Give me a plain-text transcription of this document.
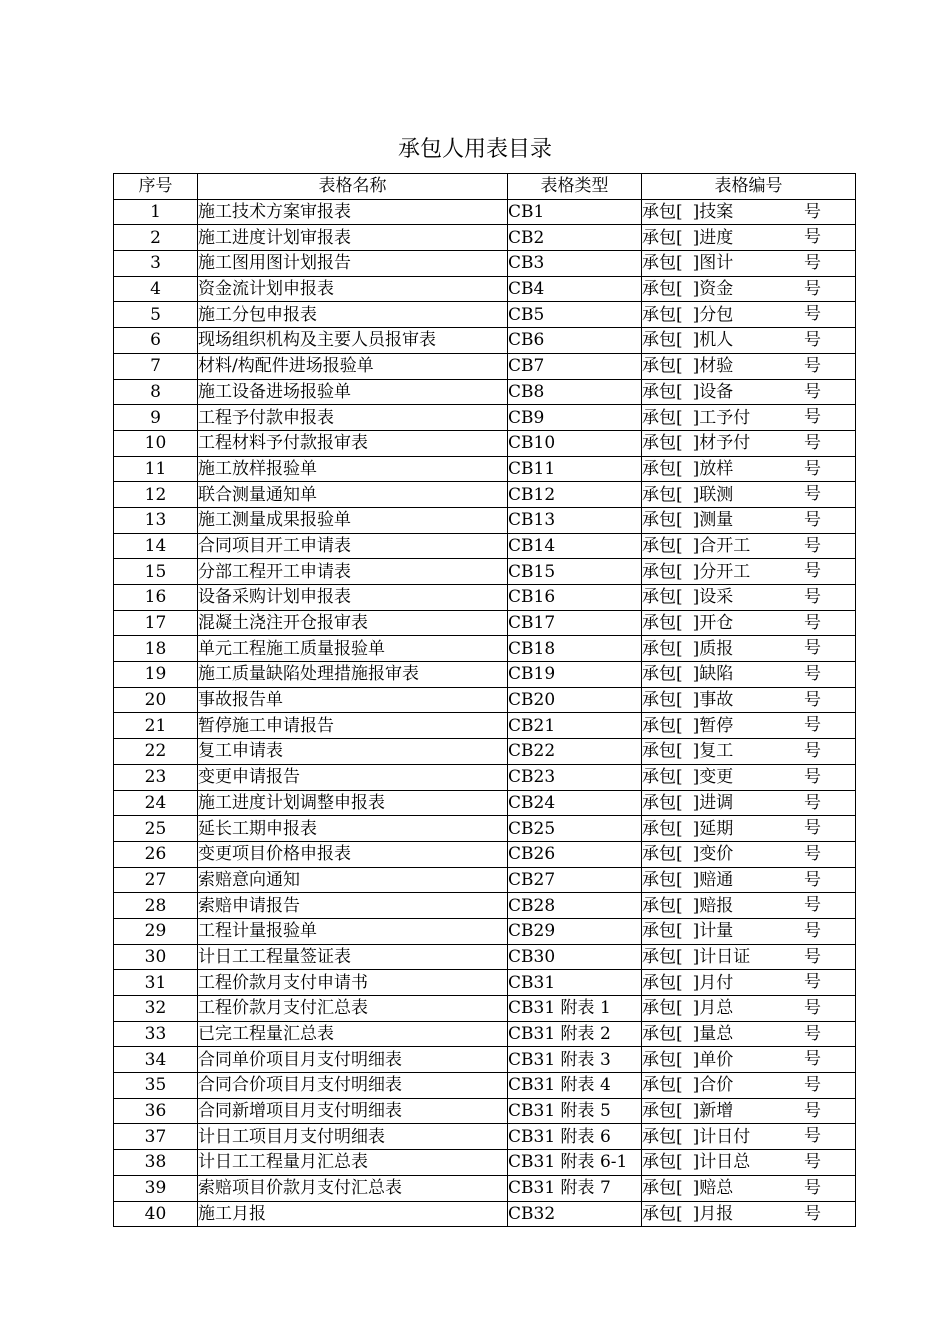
承包人用表目录
序号	表格名称	表格类型	表格编号
1	施工技术方案审报表	CB1	承包[ ]技案 号

2	施工进度计划审报表	CB2	承包[ ]进度 号

3	施工图用图计划报告	CB3	承包[ ]图计 号

4	资金流计划申报表	CB4	承包[ ]资金 号

5	施工分包申报表	CB5	承包[ ]分包 号

6	现场组织机构及主要人员报审表	CB6	承包[ ]机人 号

7	材料/构配件进场报验单	CB7	承包[ ]材验 号

8	施工设备进场报验单	CB8	承包[ ]设备 号

9	工程予付款申报表	CB9	承包[ ]工予付 号

10	工程材料予付款报审表	CB10	承包[ ]材予付 号

11	施工放样报验单	CB11	承包[ ]放样 号

12	联合测量通知单	CB12	承包[ ]联测 号

13	施工测量成果报验单	CB13	承包[ ]测量 号

14	合同项目开工申请表	CB14	承包[ ]合开工 号

15	分部工程开工申请表	CB15	承包[ ]分开工 号

16	设备采购计划申报表	CB16	承包[ ]设采 号

17	混凝土浇注开仓报审表	CB17	承包[ ]开仓 号

18	单元工程施工质量报验单	CB18	承包[ ]质报 号

19	施工质量缺陷处理措施报审表	CB19	承包[ ]缺陷 号

20	事故报告单	CB20	承包[ ]事故 号

21	暂停施工申请报告	CB21	承包[ ]暂停 号

22	复工申请表	CB22	承包[ ]复工 号

23	变更申请报告	CB23	承包[ ]变更 号

24	施工进度计划调整申报表	CB24	承包[ ]进调 号

25	延长工期申报表	CB25	承包[ ]延期 号

26	变更项目价格申报表	CB26	承包[ ]变价 号

27	索赔意向通知	CB27	承包[ ]赔通 号

28	索赔申请报告	CB28	承包[ ]赔报 号

29	工程计量报验单	CB29	承包[ ]计量 号

30	计日工工程量签证表	CB30	承包[ ]计日证 号

31	工程价款月支付申请书	CB31	承包[ ]月付 号

32	工程价款月支付汇总表	CB31 附表 1	承包[ ]月总 号

33	已完工程量汇总表	CB31 附表 2	承包[ ]量总 号

34	合同单价项目月支付明细表	CB31 附表 3	承包[ ]单价 号

35	合同合价项目月支付明细表	CB31 附表 4	承包[ ]合价 号

36	合同新增项目月支付明细表	CB31 附表 5	承包[ ]新增 号

37	计日工项目月支付明细表	CB31 附表 6	承包[ ]计日付 号

38	计日工工程量月汇总表	CB31 附表 6-1	承包[ ]计日总 号

39	索赔项目价款月支付汇总表	CB31 附表 7	承包[ ]赔总 号

40	施工月报	CB32	承包[ ]月报 号
